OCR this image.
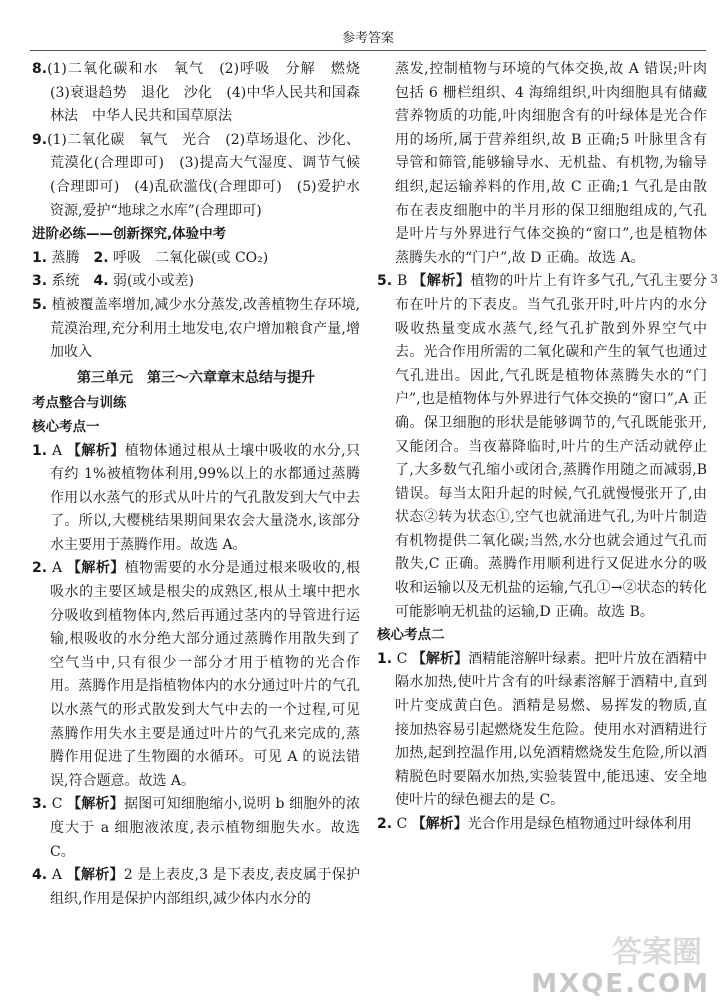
参考答案

8.(1)二氧化碳和水　氧气　(2)呼吸　分解　燃烧　(3)衰退趋势　退化　沙化　(4)中华人民共和国森林法　中华人民共和国草原法

9.(1)二氧化碳　氧气　光合　(2)草场退化、沙化、荒漠化(合理即可)　(3)提高大气湿度、调节气候(合理即可)　(4)乱砍滥伐(合理即可)　(5)爱护水资源,爱护“地球之水库”(合理即可)

进阶必练——创新探究,体验中考

1. 蒸腾　 2. 呼吸　二氧化碳(或 CO₂)

3. 系统　 4. 弱(或小或差)

5. 植被覆盖率增加,减少水分蒸发,改善植物生存环境,荒漠治理,充分利用土地发电,农户增加粮食产量,增加收入

第三单元　第三～六章章末总结与提升

考点整合与训练

核心考点一

1. A 【解析】植物体通过根从土壤中吸收的水分,只有约 1%被植物体利用,99%以上的水都通过蒸腾作用以水蒸气的形式从叶片的气孔散发到大气中去了。所以,大樱桃结果期间果农会大量浇水,该部分水主要用于蒸腾作用。故选 A。

2. A 【解析】植物需要的水分是通过根来吸收的,根吸水的主要区域是根尖的成熟区,根从土壤中把水分吸收到植物体内,然后再通过茎内的导管进行运输,根吸收的水分绝大部分通过蒸腾作用散失到了空气当中,只有很少一部分才用于植物的光合作用。蒸腾作用是指植物体内的水分通过叶片的气孔以水蒸气的形式散发到大气中去的一个过程,可见蒸腾作用失水主要是通过叶片的气孔来完成的,蒸腾作用促进了生物圈的水循环。可见 A 的说法错误,符合题意。故选 A。

3. C 【解析】据图可知细胞缩小,说明 b 细胞外的浓度大于 a 细胞液浓度,表示植物细胞失水。故选 C。

4. A 【解析】2 是上表皮,3 是下表皮,表皮属于保护组织,作用是保护内部组织,减少体内水分的

蒸发,控制植物与环境的气体交换,故 A 错误;叶肉包括 6 栅栏组织、4 海绵组织,叶肉细胞具有储藏营养物质的功能,叶肉细胞含有的叶绿体是光合作用的场所,属于营养组织,故 B 正确;5 叶脉里含有导管和筛管,能够输导水、无机盐、有机物,为输导组织,起运输养料的作用,故 C 正确;1 气孔是由散布在表皮细胞中的半月形的保卫细胞组成的,气孔是叶片与外界进行气体交换的“窗口”,也是植物体蒸腾失水的“门户”,故 D 正确。故选 A。

5. B 【解析】植物的叶片上有许多气孔,气孔主要分布在叶片的下表皮。当气孔张开时,叶片内的水分吸收热量变成水蒸气,经气孔扩散到外界空气中去。光合作用所需的二氧化碳和产生的氧气也通过气孔进出。因此,气孔既是植物体蒸腾失水的“门户”,也是植物体与外界进行气体交换的“窗口”,A 正确。保卫细胞的形状是能够调节的,气孔既能张开,又能闭合。当夜幕降临时,叶片的生产活动就停止了,大多数气孔缩小或闭合,蒸腾作用随之而减弱,B 错误。每当太阳升起的时候,气孔就慢慢张开了,由状态②转为状态①,空气也就涌进气孔,为叶片制造有机物提供二氧化碳;当然,水分也就会通过气孔而散失,C 正确。蒸腾作用顺利进行又促进水分的吸收和运输以及无机盐的运输,气孔①→②状态的转化可能影响无机盐的运输,D 正确。故选 B。

核心考点二

1. C 【解析】酒精能溶解叶绿素。把叶片放在酒精中隔水加热,使叶片含有的叶绿素溶解于酒精中,直到叶片变成黄白色。酒精是易燃、易挥发的物质,直接加热容易引起燃烧发生危险。使用水对酒精进行加热,起到控温作用,以免酒精燃烧发生危险,所以酒精脱色时要隔水加热,实验装置中,能迅速、安全地使叶片的绿色褪去的是 C。

2. C 【解析】光合作用是绿色植物通过叶绿体利用

3
答案圈
MXQE.COM
